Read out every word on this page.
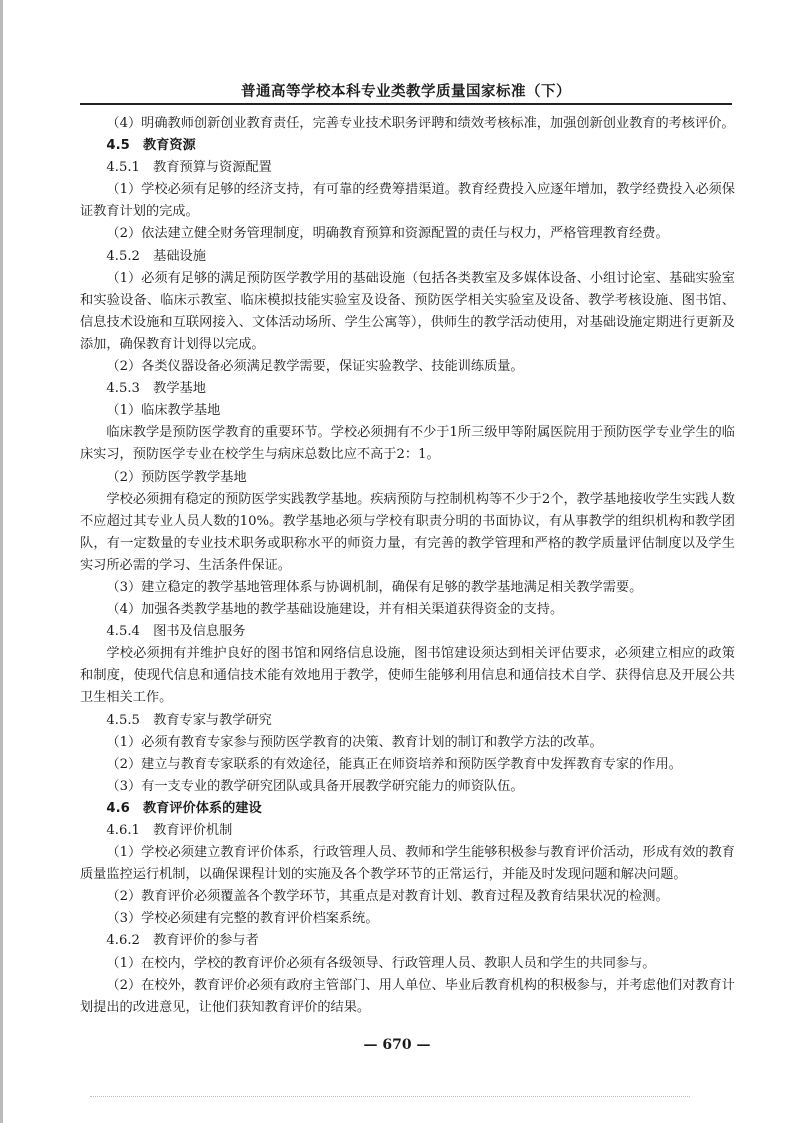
普通高等学校本科专业类教学质量国家标准（下）

（4）明确教师创新创业教育责任，完善专业技术职务评聘和绩效考核标准，加强创新创业教育的考核评价。

4.5　教育资源

4.5.1　教育预算与资源配置

（1）学校必须有足够的经济支持，有可靠的经费筹措渠道。教育经费投入应逐年增加，教学经费投入必须保证教育计划的完成。

（2）依法建立健全财务管理制度，明确教育预算和资源配置的责任与权力，严格管理教育经费。

4.5.2　基础设施

（1）必须有足够的满足预防医学教学用的基础设施（包括各类教室及多媒体设备、小组讨论室、基础实验室和实验设备、临床示教室、临床模拟技能实验室及设备、预防医学相关实验室及设备、教学考核设施、图书馆、信息技术设施和互联网接入、文体活动场所、学生公寓等），供师生的教学活动使用，对基础设施定期进行更新及添加，确保教育计划得以完成。

（2）各类仪器设备必须满足教学需要，保证实验教学、技能训练质量。

4.5.3　教学基地

（1）临床教学基地

临床教学是预防医学教育的重要环节。学校必须拥有不少于1所三级甲等附属医院用于预防医学专业学生的临床实习，预防医学专业在校学生与病床总数比应不高于2：1。

（2）预防医学教学基地

学校必须拥有稳定的预防医学实践教学基地。疾病预防与控制机构等不少于2个，教学基地接收学生实践人数不应超过其专业人员人数的10%。教学基地必须与学校有职责分明的书面协议，有从事教学的组织机构和教学团队，有一定数量的专业技术职务或职称水平的师资力量，有完善的教学管理和严格的教学质量评估制度以及学生实习所必需的学习、生活条件保证。

（3）建立稳定的教学基地管理体系与协调机制，确保有足够的教学基地满足相关教学需要。

（4）加强各类教学基地的教学基础设施建设，并有相关渠道获得资金的支持。

4.5.4　图书及信息服务

学校必须拥有并维护良好的图书馆和网络信息设施，图书馆建设须达到相关评估要求，必须建立相应的政策和制度，使现代信息和通信技术能有效地用于教学，使师生能够利用信息和通信技术自学、获得信息及开展公共卫生相关工作。

4.5.5　教育专家与教学研究

（1）必须有教育专家参与预防医学教育的决策、教育计划的制订和教学方法的改革。

（2）建立与教育专家联系的有效途径，能真正在师资培养和预防医学教育中发挥教育专家的作用。

（3）有一支专业的教学研究团队或具备开展教学研究能力的师资队伍。

4.6　教育评价体系的建设

4.6.1　教育评价机制

（1）学校必须建立教育评价体系，行政管理人员、教师和学生能够积极参与教育评价活动，形成有效的教育质量监控运行机制，以确保课程计划的实施及各个教学环节的正常运行，并能及时发现问题和解决问题。

（2）教育评价必须覆盖各个教学环节，其重点是对教育计划、教育过程及教育结果状况的检测。

（3）学校必须建有完整的教育评价档案系统。

4.6.2　教育评价的参与者

（1）在校内，学校的教育评价必须有各级领导、行政管理人员、教职人员和学生的共同参与。

（2）在校外，教育评价必须有政府主管部门、用人单位、毕业后教育机构的积极参与，并考虑他们对教育计划提出的改进意见，让他们获知教育评价的结果。

— 670 —
